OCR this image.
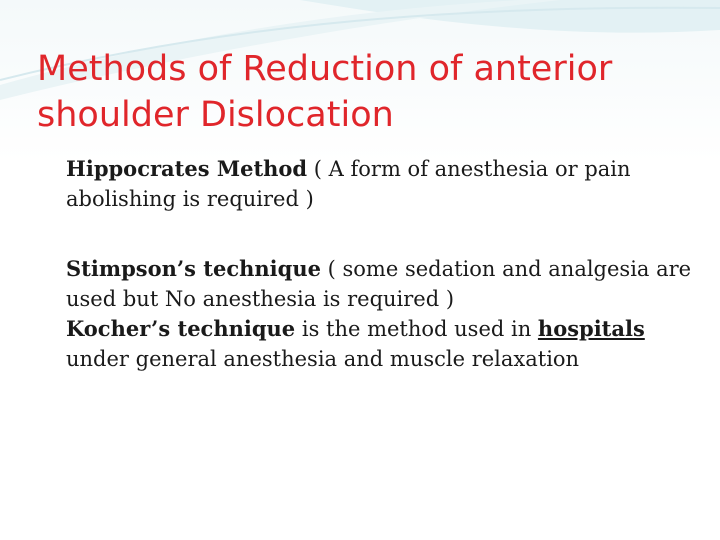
Methods of Reduction of anterior
shoulder Dislocation
Hippocrates Method ( A form of anesthesia or pain abolishing is required )
Stimpson’s technique ( some sedation and analgesia are used but No anesthesia is required )
Kocher’s technique is the method used in hospitals under general anesthesia and muscle relaxation
